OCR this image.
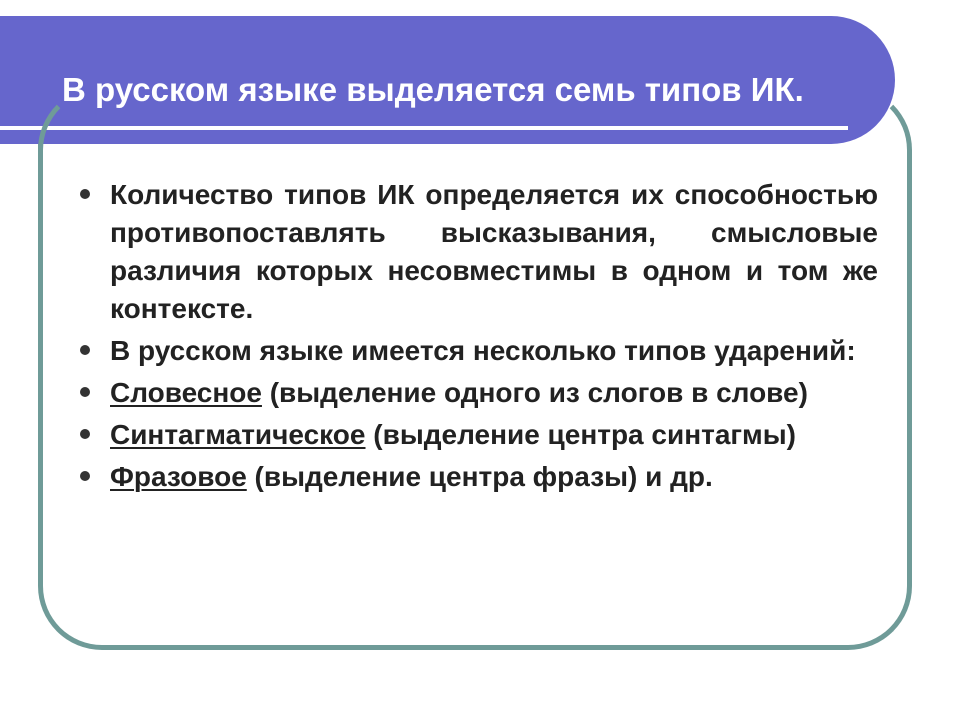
В русском языке выделяется семь типов ИК.
Количество типов ИК определяется их способностью противопоставлять высказывания, смысловые различия которых несовместимы в одном и том же контексте.
В русском языке имеется несколько типов ударений:
Словесное (выделение одного из слогов в слове)
Синтагматическое (выделение центра синтагмы)
Фразовое (выделение центра фразы) и др.
